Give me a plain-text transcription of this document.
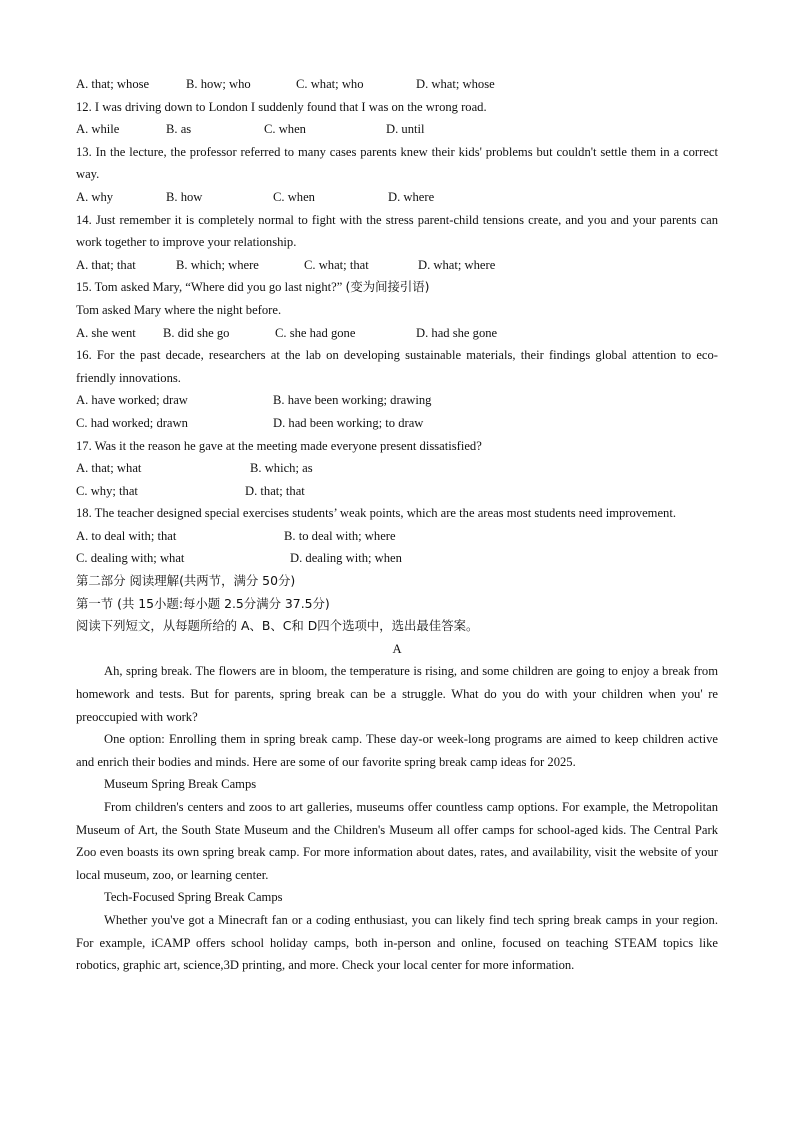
A. that; whose	B. how; who	C. what; who	D. what; whose
12. I was driving down to London I suddenly found that I was on the wrong road.
A. while	B. as	C. when	D. until

13. In the lecture, the professor referred to many cases parents knew their kids' problems but couldn't settle them in a correct way.

A. why	B. how	C. when	D. where

14. Just remember it is completely normal to fight with the stress parent-child tensions create, and you and your parents can work together to improve your relationship.

A. that; that	B. which; where	C. what; that	D. what; where
15. Tom asked Mary, “Where did you go last night?” (变为间接引语)
Tom asked Mary where the night before.
A. she went	B. did she go	C. she had gone	D. had she gone

16. For the past decade, researchers at the lab on developing sustainable materials, their findings global attention to eco-friendly innovations.

A. have worked; draw	B. have been working; drawing
C. had worked; drawn	D. had been working; to draw
17. Was it the reason he gave at the meeting made everyone present dissatisfied?
A. that; what	B. which; as
C. why; that	D. that; that

18. The teacher designed special exercises students’ weak points, which are the areas most students need improvement.

A. to deal with; that	B. to deal with; where
C. dealing with; what	D. dealing with; when
第二部分 阅读理解(共两节，满分 50分)
第一节 (共 15小题:每小题 2.5分满分 37.5分)
阅读下列短文，从每题所给的 A、B、C和 D四个选项中，选出最佳答案。
A

Ah, spring break. The flowers are in bloom, the temperature is rising, and some children are going to enjoy a break from homework and tests. But for parents, spring break can be a struggle. What do you do with your children when you' re preoccupied with work?

One option: Enrolling them in spring break camp. These day-or week-long programs are aimed to keep children active and enrich their bodies and minds. Here are some of our favorite spring break camp ideas for 2025.

Museum Spring Break Camps

From children's centers and zoos to art galleries, museums offer countless camp options. For example, the Metropolitan Museum of Art, the South State Museum and the Children's Museum all offer camps for school-aged kids. The Central Park Zoo even boasts its own spring break camp. For more information about dates, rates, and availability, visit the website of your local museum, zoo, or learning center.

Tech-Focused Spring Break Camps

Whether you've got a Minecraft fan or a coding enthusiast, you can likely find tech spring break camps in your region. For example, iCAMP offers school holiday camps, both in-person and online, focused on teaching STEAM topics like robotics, graphic art, science,3D printing, and more. Check your local center for more information.
